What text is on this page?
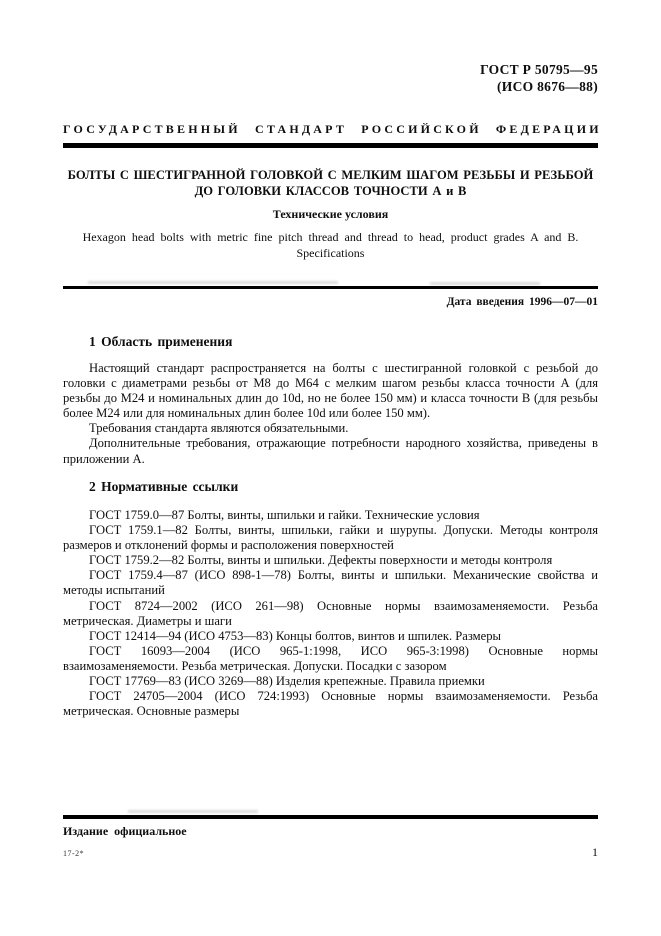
ГОСТ Р 50795—95
(ИСО 8676—88)
ГОСУДАРСТВЕННЫЙ СТАНДАРТ РОССИЙСКОЙ ФЕДЕРАЦИИ
БОЛТЫ С ШЕСТИГРАННОЙ ГОЛОВКОЙ С МЕЛКИМ ШАГОМ РЕЗЬБЫ И РЕЗЬБОЙ
ДО ГОЛОВКИ КЛАССОВ ТОЧНОСТИ А и В
Технические условия
Hexagon head bolts with metric fine pitch thread and thread to head, product grades A and B.
Specifications
Дата введения 1996—07—01
1 Область применения

Настоящий стандарт распространяется на болты с шестигранной головкой с резьбой до головки с диаметрами резьбы от М8 до М64 с мелким шагом резьбы класса точности А (для резьбы до М24 и номинальных длин до 10d, но не более 150 мм) и класса точности В (для резьбы более М24 или для номинальных длин более 10d или более 150 мм).

Требования стандарта являются обязательными.

Дополнительные требования, отражающие потребности народного хозяйства, приведены в приложении А.

2 Нормативные ссылки

ГОСТ 1759.0—87 Болты, винты, шпильки и гайки. Технические условия

ГОСТ 1759.1—82 Болты, винты, шпильки, гайки и шурупы. Допуски. Методы контроля размеров и отклонений формы и расположения поверхностей

ГОСТ 1759.2—82 Болты, винты и шпильки. Дефекты поверхности и методы контроля

ГОСТ 1759.4—87 (ИСО 898-1—78) Болты, винты и шпильки. Механические свойства и методы испытаний

ГОСТ 8724—2002 (ИСО 261—98) Основные нормы взаимозаменяемости. Резьба метрическая. Диаметры и шаги

ГОСТ 12414—94 (ИСО 4753—83) Концы болтов, винтов и шпилек. Размеры

ГОСТ 16093—2004 (ИСО 965-1:1998, ИСО 965-3:1998) Основные нормы взаимозаменяемости. Резьба метрическая. Допуски. Посадки с зазором

ГОСТ 17769—83 (ИСО 3269—88) Изделия крепежные. Правила приемки

ГОСТ 24705—2004 (ИСО 724:1993) Основные нормы взаимозаменяемости. Резьба метрическая. Основные размеры

Издание официальное
17-2*	1
